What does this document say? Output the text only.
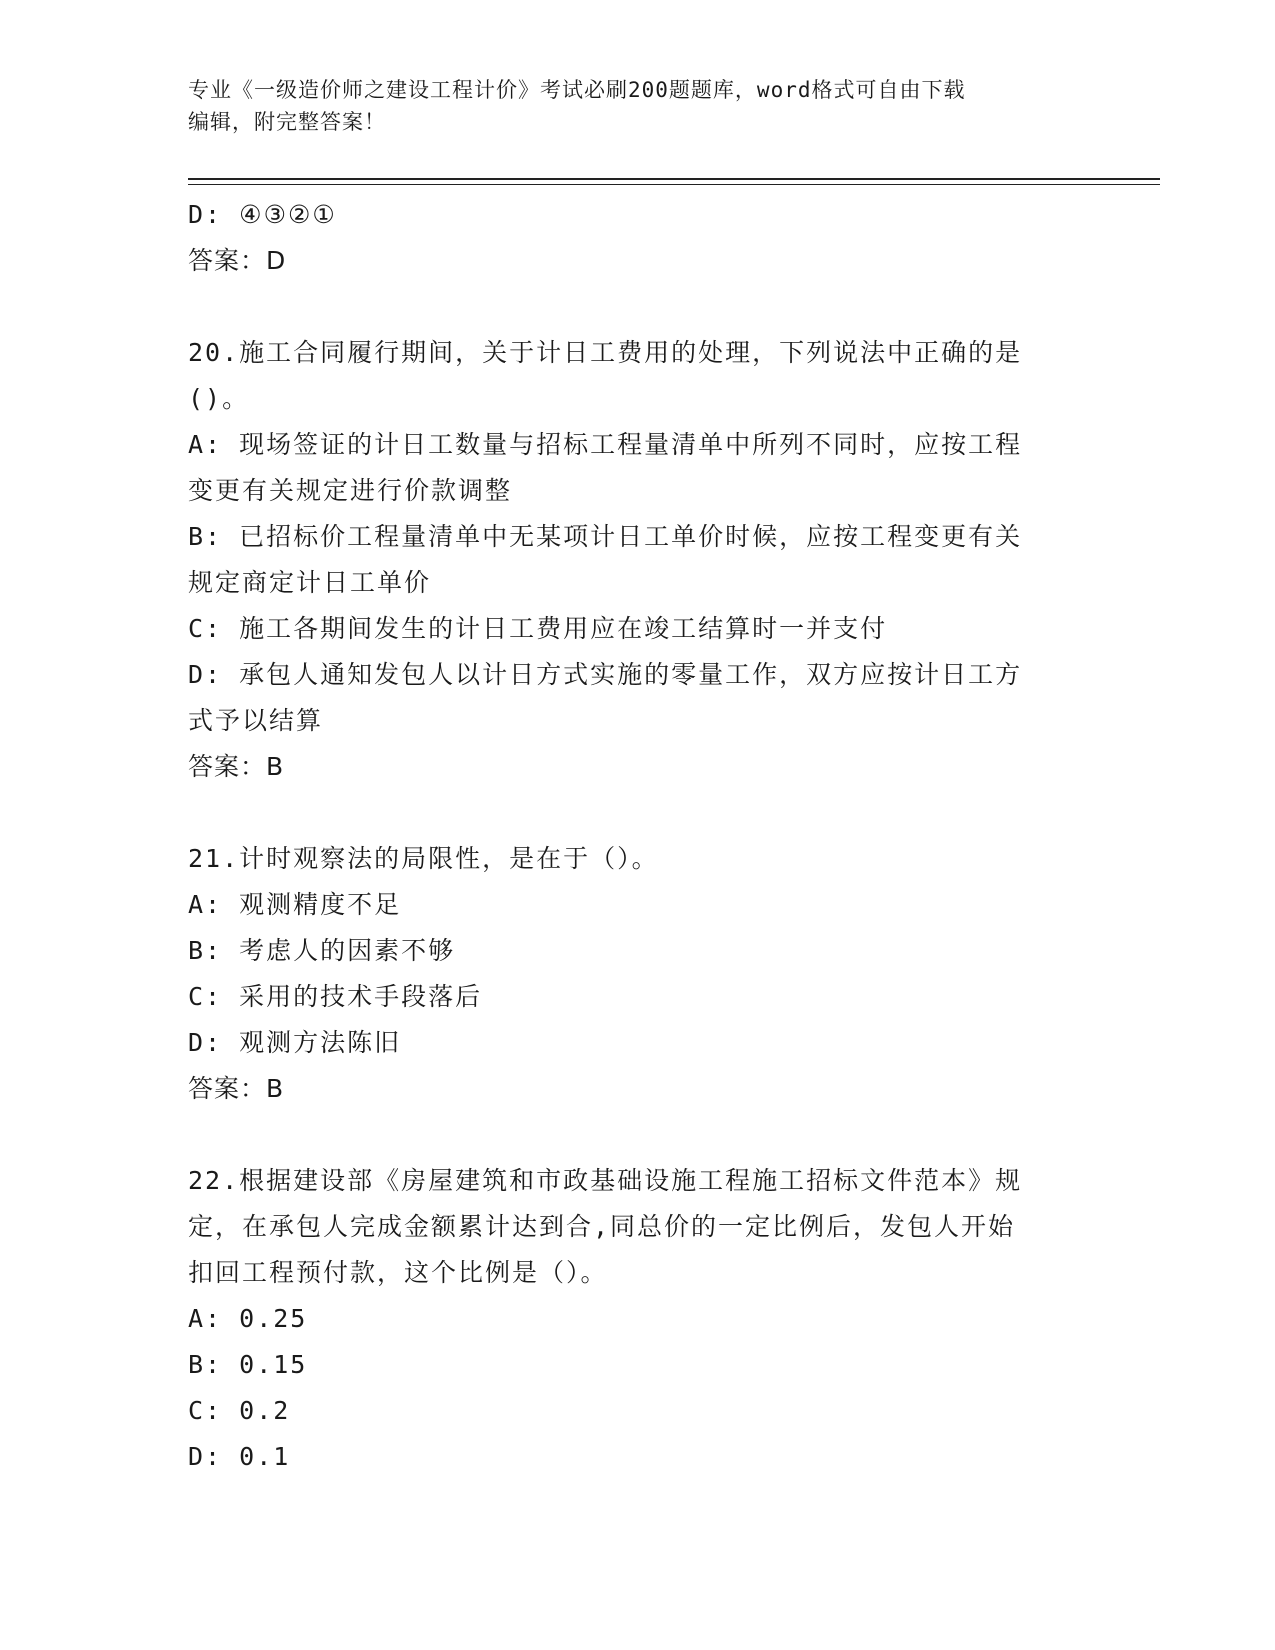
专业《一级造价师之建设工程计价》考试必刷200题题库，word格式可自由下载
编辑，附完整答案！

D: ④③②①

答案：D

20.施工合同履行期间，关于计日工费用的处理，下列说法中正确的是

()。

A: 现场签证的计日工数量与招标工程量清单中所列不同时，应按工程

变更有关规定进行价款调整

B: 已招标价工程量清单中无某项计日工单价时候，应按工程变更有关

规定商定计日工单价

C: 施工各期间发生的计日工费用应在竣工结算时一并支付

D: 承包人通知发包人以计日方式实施的零量工作，双方应按计日工方

式予以结算

答案：B

21.计时观察法的局限性，是在于（）。

A: 观测精度不足

B: 考虑人的因素不够

C: 采用的技术手段落后

D: 观测方法陈旧

答案：B

22.根据建设部《房屋建筑和市政基础设施工程施工招标文件范本》规

定，在承包人完成金额累计达到合,同总价的一定比例后，发包人开始

扣回工程预付款，这个比例是（）。

A: 0.25

B: 0.15

C: 0.2

D: 0.1
